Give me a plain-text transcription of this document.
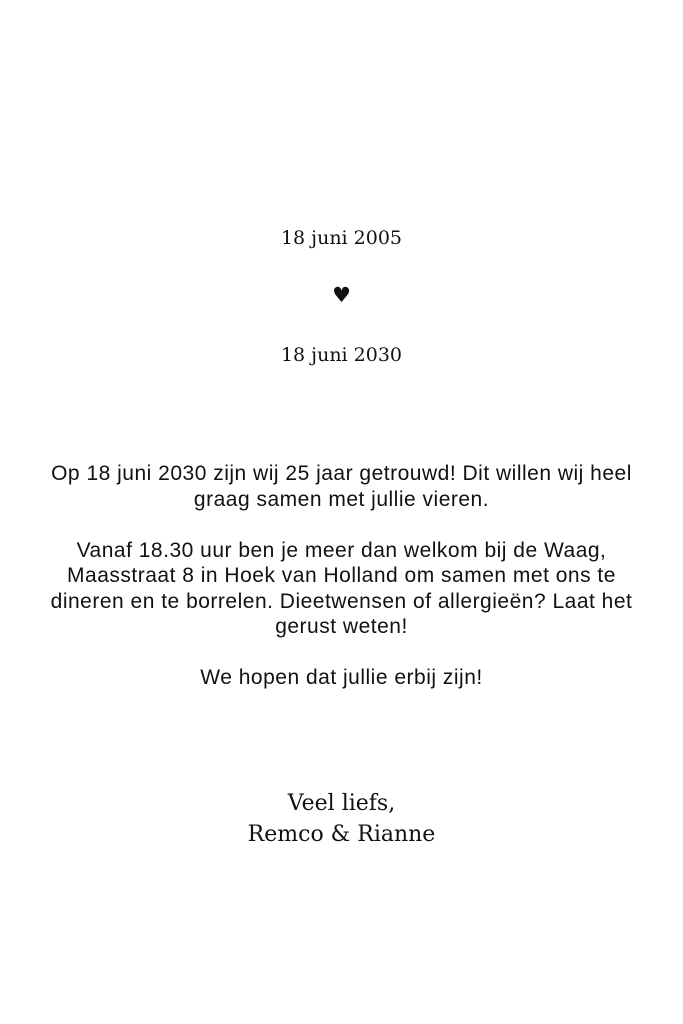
18 juni 2005
♥
18 juni 2030

Op 18 juni 2030 zijn wij 25 jaar getrouwd! Dit willen wij heel graag samen met jullie vieren.

Vanaf 18.30 uur ben je meer dan welkom bij de Waag, Maasstraat 8 in Hoek van Holland om samen met ons te dineren en te borrelen. Dieetwensen of allergieën? Laat het gerust weten!

We hopen dat jullie erbij zijn!

Veel liefs,
Remco & Rianne
